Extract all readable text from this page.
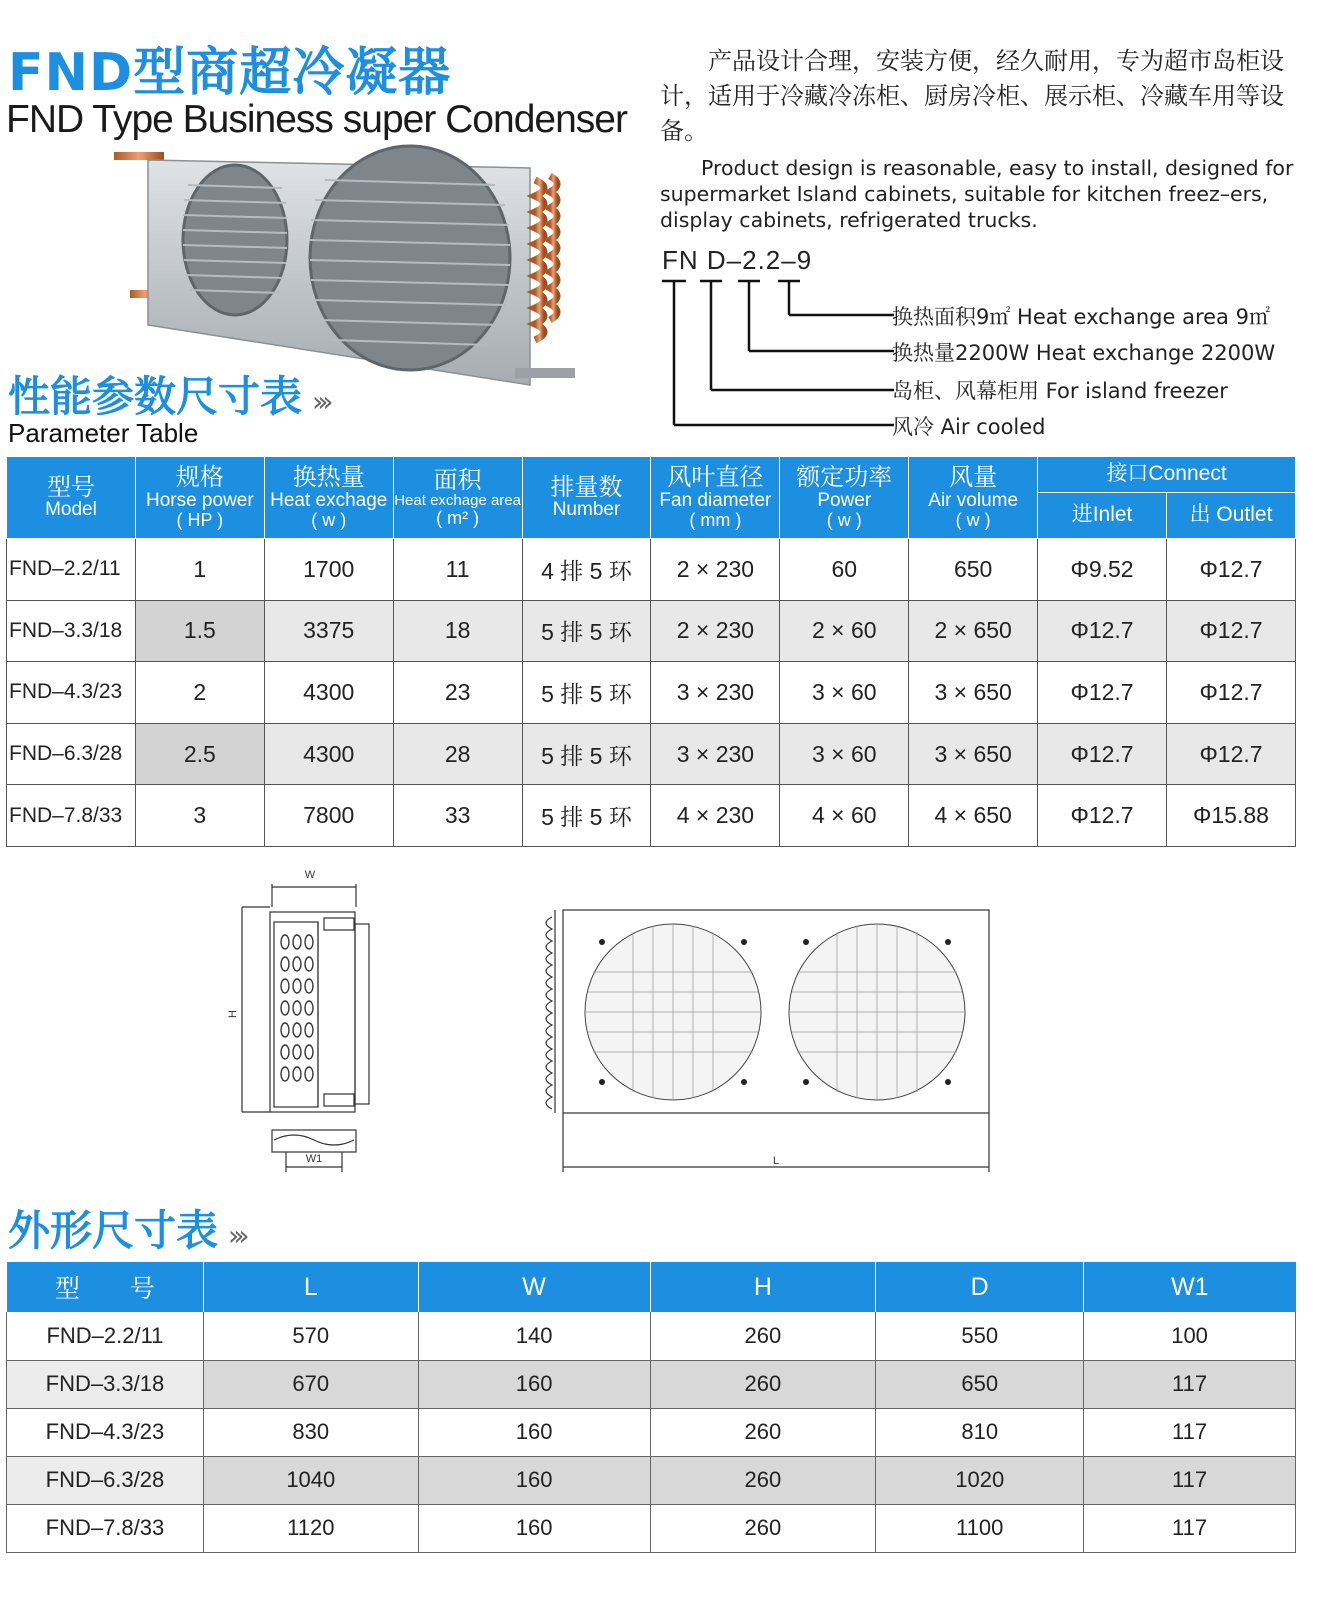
FND型商超冷凝器
FND Type Business super Condenser

产品设计合理，安装方便，经久耐用，专为超市岛柜设计，适用于冷藏冷冻柜、厨房冷柜、展示柜、冷藏车用等设备。

Product design is reasonable, easy to install, designed for supermarket Island cabinets, suitable for kitchen freez–ers, display cabinets, refrigerated trucks.

FN D–2.2–9
换热面积9㎡ Heat exchange area 9㎡
换热量2200W Heat exchange 2200W
岛柜、风幕柜用 For island freezer
风冷 Air cooled
性能参数尺寸表 ›››
Parameter Table
型号
Model	规格
Horse power
( HP )	换热量
Heat exchage
( w )	面积
Heat exchage area
( m² )	排量数
Number	风叶直径
Fan diameter
( mm )	额定功率
Power
( w )	风量
Air volume
( w )	接口Connect	

								进Inlet	出 Outlet

FND–2.2/11	1	1700	11	4 排 5 环	2 × 230	60	650	Φ9.52	Φ12.7
FND–3.3/18	1.5	3375	18	5 排 5 环	2 × 230	2 × 60	2 × 650	Φ12.7	Φ12.7
FND–4.3/23	2	4300	23	5 排 5 环	3 × 230	3 × 60	3 × 650	Φ12.7	Φ12.7
FND–6.3/28	2.5	4300	28	5 排 5 环	3 × 230	3 × 60	3 × 650	Φ12.7	Φ12.7
FND–7.8/33	3	7800	33	5 排 5 环	4 × 230	4 × 60	4 × 650	Φ12.7	Φ15.88
W
H
W1	L
外形尺寸表 ›››
型　　号	L	W	H	D	W1
FND–2.2/11	570	140	260	550	100
FND–3.3/18	670	160	260	650	117
FND–4.3/23	830	160	260	810	117
FND–6.3/28	1040	160	260	1020	117
FND–7.8/33	1120	160	260	1100	117
